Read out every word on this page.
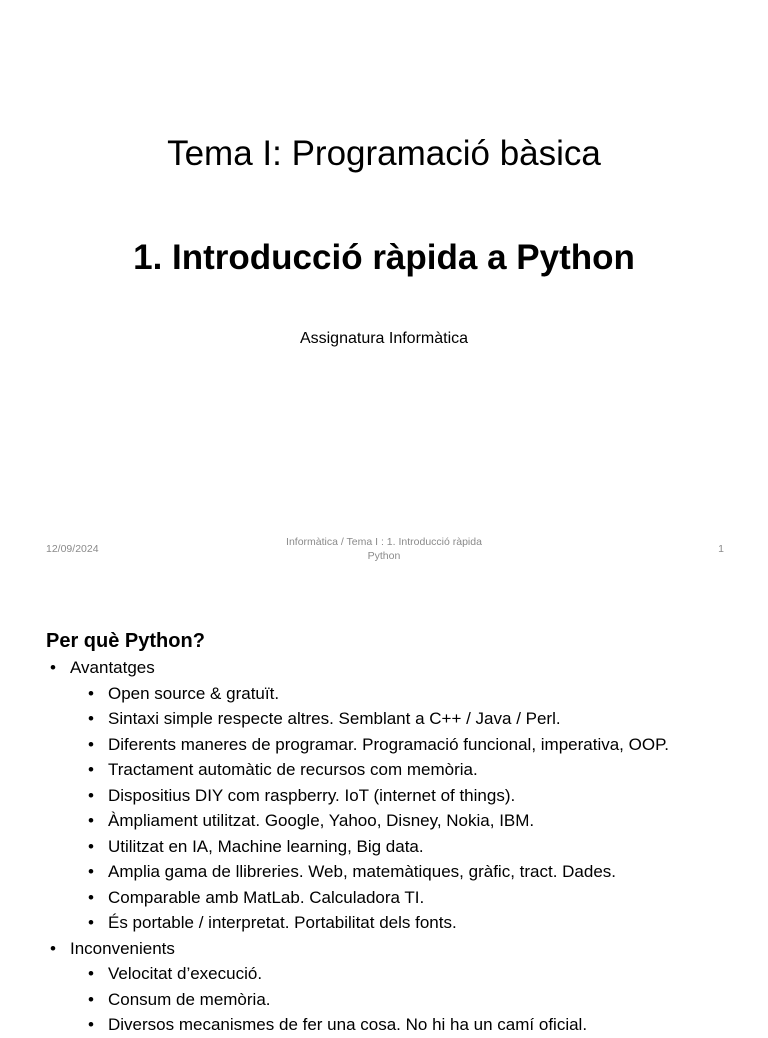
Tema I: Programació bàsica
1. Introducció ràpida a Python
Assignatura Informàtica
12/09/2024
Informàtica / Tema I : 1. Introducció ràpida
Python
1
Per què Python?
• Avantatges
• Open source & gratuït.
• Sintaxi simple respecte altres. Semblant a C++ / Java / Perl.
• Diferents maneres de programar. Programació funcional, imperativa, OOP.
• Tractament automàtic de recursos com memòria.
• Dispositius DIY com raspberry. IoT (internet of things).
• Àmpliament utilitzat. Google, Yahoo, Disney, Nokia, IBM.
• Utilitzat en IA, Machine learning, Big data.
• Amplia gama de llibreries. Web, matemàtiques, gràfic, tract. Dades.
• Comparable amb MatLab. Calculadora TI.
• És portable / interpretat. Portabilitat dels fonts.
• Inconvenients
• Velocitat d’execució.
• Consum de memòria.
• Diversos mecanismes de fer una cosa. No hi ha un camí oficial.
